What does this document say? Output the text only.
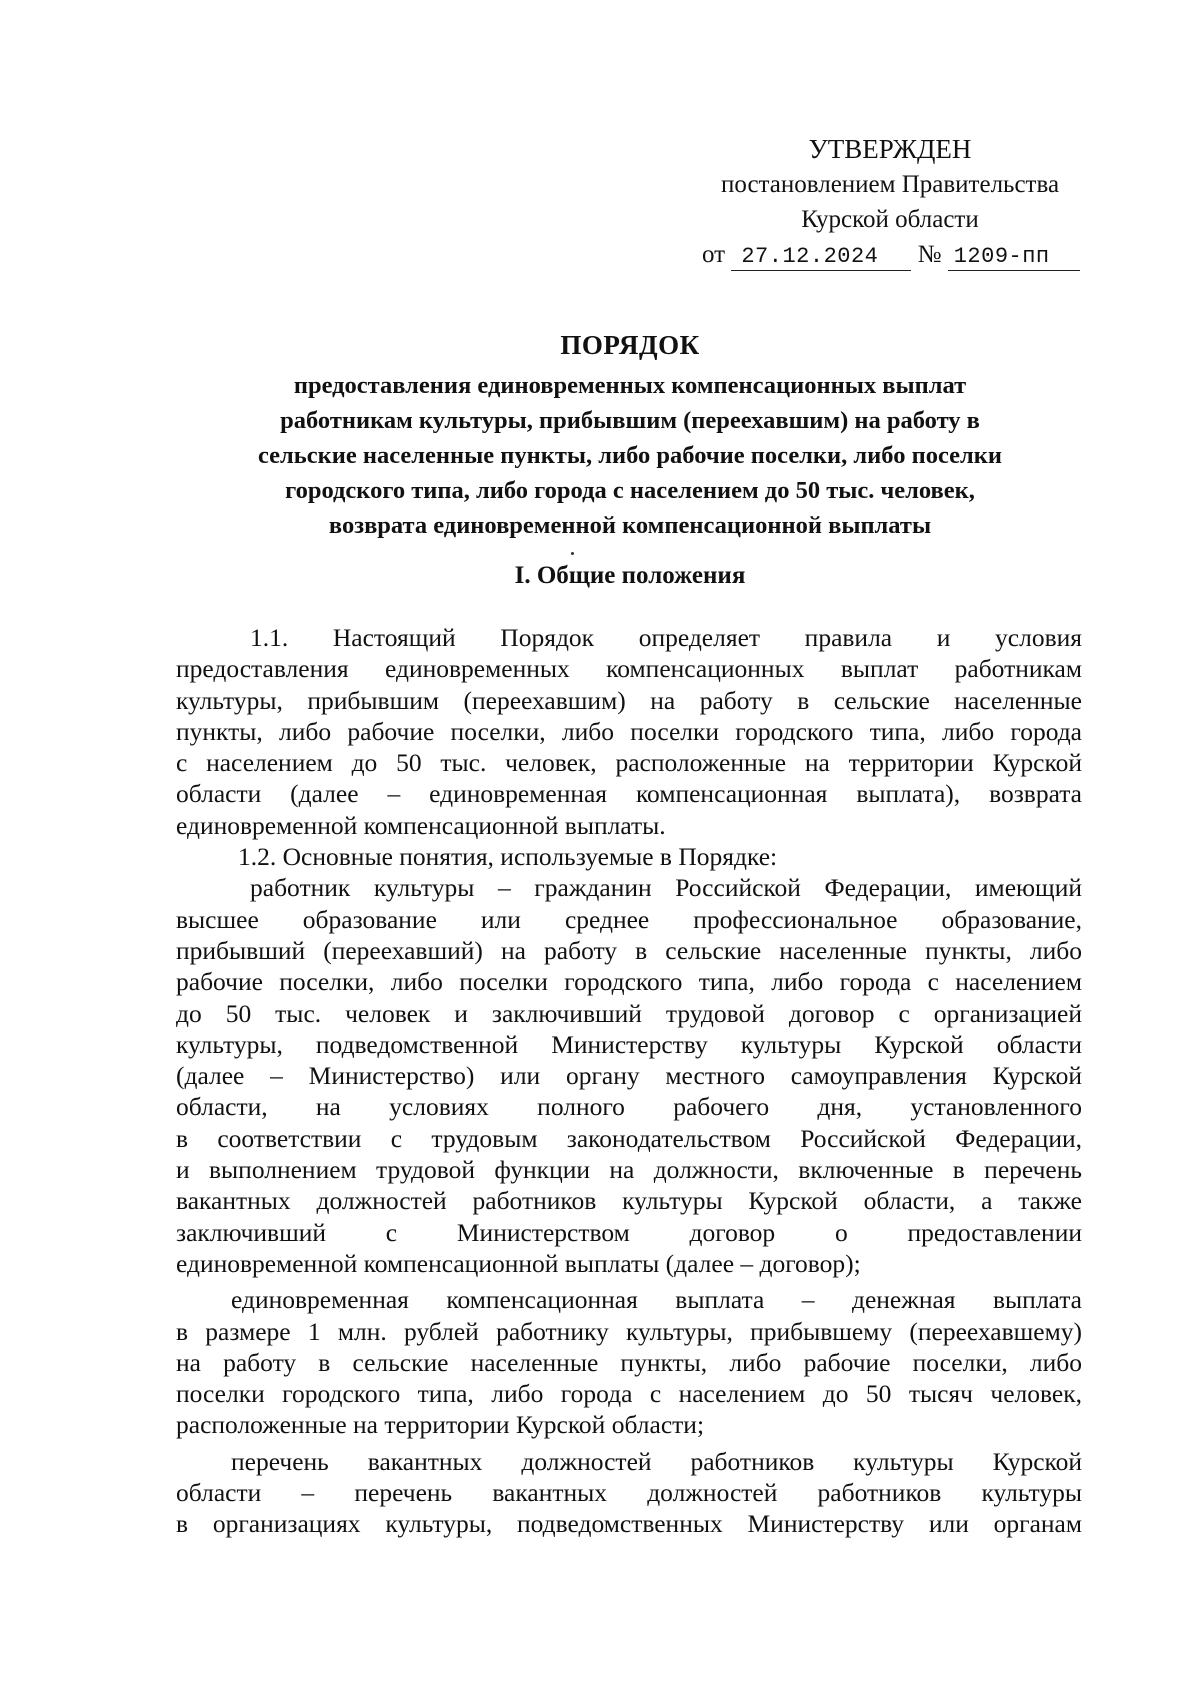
УТВЕРЖДЕН
постановлением Правительства
Курской области
от 27.12.2024 № 1209-пп
ПОРЯДОК
предоставления единовременных компенсационных выплат
работникам культуры, прибывшим (переехавшим) на работу в
сельские населенные пункты, либо рабочие поселки, либо поселки
городского типа, либо города с населением до 50 тыс. человек,
возврата единовременной компенсационной выплаты
I. Общие положения
1.1. Настоящий Порядок определяет правила и условия
предоставления единовременных компенсационных выплат работникам
культуры, прибывшим (переехавшим) на работу в сельские населенные
пункты, либо рабочие поселки, либо поселки городского типа, либо города
с населением до 50 тыс. человек, расположенные на территории Курской
области (далее – единовременная компенсационная выплата), возврата
единовременной компенсационной выплаты.
1.2. Основные понятия, используемые в Порядке:
работник культуры – гражданин Российской Федерации, имеющий
высшее образование или среднее профессиональное образование,
прибывший (переехавший) на работу в сельские населенные пункты, либо
рабочие поселки, либо поселки городского типа, либо города с населением
до 50 тыс. человек и заключивший трудовой договор с организацией
культуры, подведомственной Министерству культуры Курской области
(далее – Министерство) или органу местного самоуправления Курской
области, на условиях полного рабочего дня, установленного
в соответствии с трудовым законодательством Российской Федерации,
и выполнением трудовой функции на должности, включенные в перечень
вакантных должностей работников культуры Курской области, а также
заключивший с Министерством договор о предоставлении
единовременной компенсационной выплаты (далее – договор);
единовременная компенсационная выплата – денежная выплата
в размере 1 млн. рублей работнику культуры, прибывшему (переехавшему)
на работу в сельские населенные пункты, либо рабочие поселки, либо
поселки городского типа, либо города с населением до 50 тысяч человек,
расположенные на территории Курской области;
перечень вакантных должностей работников культуры Курской
области – перечень вакантных должностей работников культуры
в организациях культуры, подведомственных Министерству или органам
